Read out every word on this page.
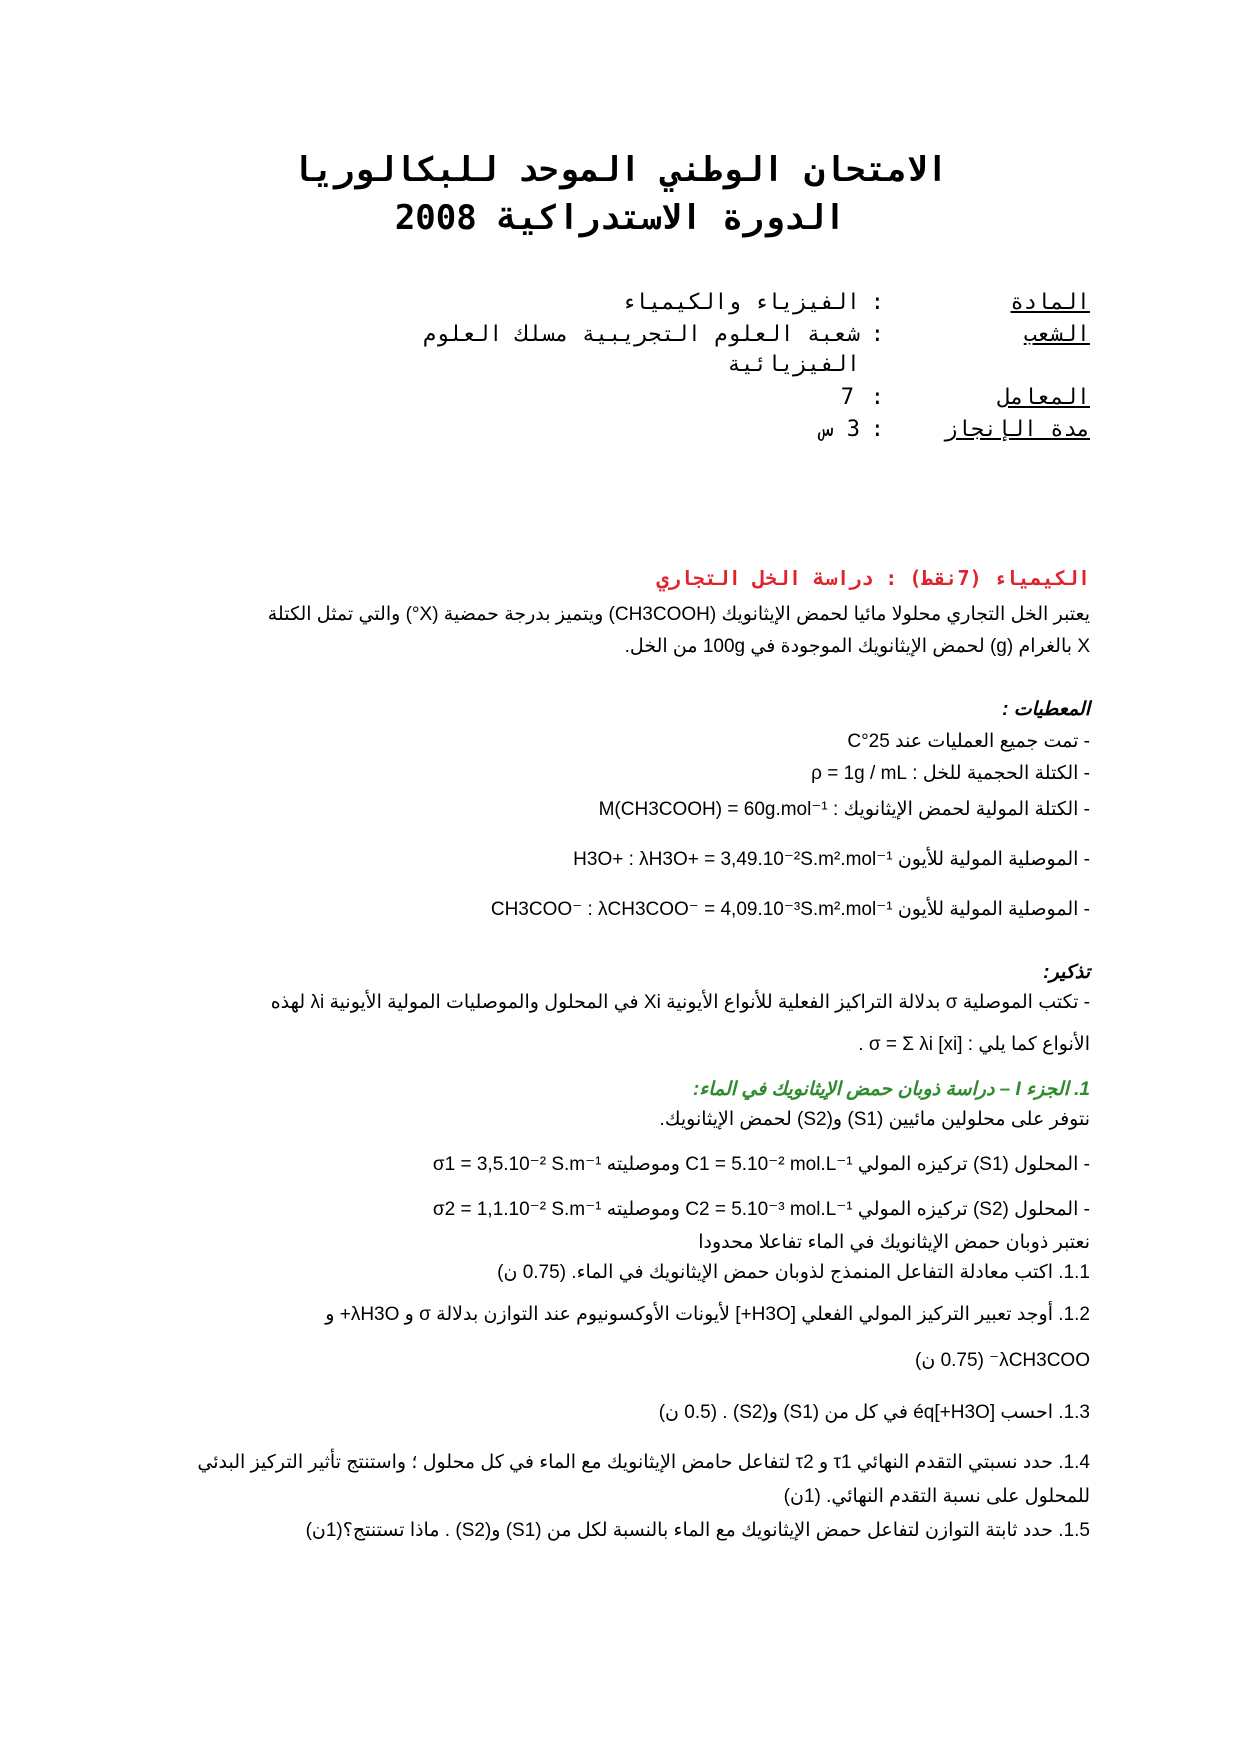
الامتحان الوطني الموحد للبكالوريا
الدورة الاستدراكية 2008
المادة
:
الفيزياء والكيمياء
الشعب
:
شعبة العلوم التجريبية مسلك العلوم
الفيزيائية
المعامل
:
7
مدة الإنجاز
:
3 س
الكيمياء (7نقط) : دراسة الخل التجاري
يعتبر الخل التجاري محلولا مائيا لحمض الإيثانويك (CH3COOH) ويتميز بدرجة حمضية (X°) والتي تمثل الكتلة
X بالغرام (g) لحمض الإيثانويك الموجودة في 100g من الخل.
المعطيات :
- تمت جميع العمليات عند 25°C
- الكتلة الحجمية للخل : ρ = 1g / mL
- الكتلة المولية لحمض الإيثانويك : M(CH3COOH) = 60g.mol⁻¹
- الموصلية المولية للأيون H3O+ : λH3O+ = 3,49.10⁻²S.m².mol⁻¹
- الموصلية المولية للأيون CH3COO⁻ : λCH3COO⁻ = 4,09.10⁻³S.m².mol⁻¹
تذكير:
- تكتب الموصلية σ بدلالة التراكيز الفعلية للأنواع الأيونية Xi في المحلول والموصليات المولية الأيونية λi لهذه
الأنواع كما يلي : σ = Σ λi [xi] .
1. الجزء I – دراسة ذوبان حمض الإيثانويك في الماء:
نتوفر على محلولين مائيين (S1) و(S2) لحمض الإيثانويك.
- المحلول (S1) تركيزه المولي C1 = 5.10⁻² mol.L⁻¹ وموصليته σ1 = 3,5.10⁻² S.m⁻¹
- المحلول (S2) تركيزه المولي C2 = 5.10⁻³ mol.L⁻¹ وموصليته σ2 = 1,1.10⁻² S.m⁻¹
نعتبر ذوبان حمض الإيثانويك في الماء تفاعلا محدودا
1.1. اكتب معادلة التفاعل المنمذج لذوبان حمض الإيثانويك في الماء. (0.75 ن)
1.2. أوجد تعبير التركيز المولي الفعلي [H3O+] لأيونات الأوكسونيوم عند التوازن بدلالة σ و λH3O+ و
λCH3COO⁻ (0.75 ن)
1.3. احسب [H3O+]éq في كل من (S1) و(S2) . (0.5 ن)
1.4. حدد نسبتي التقدم النهائي τ1 و τ2 لتفاعل حامض الإيثانويك مع الماء في كل محلول ؛ واستنتج تأثير التركيز البدئي
للمحلول على نسبة التقدم النهائي. (1ن)
1.5. حدد ثابتة التوازن لتفاعل حمض الإيثانويك مع الماء بالنسبة لكل من (S1) و(S2) . ماذا تستنتج؟(1ن)
